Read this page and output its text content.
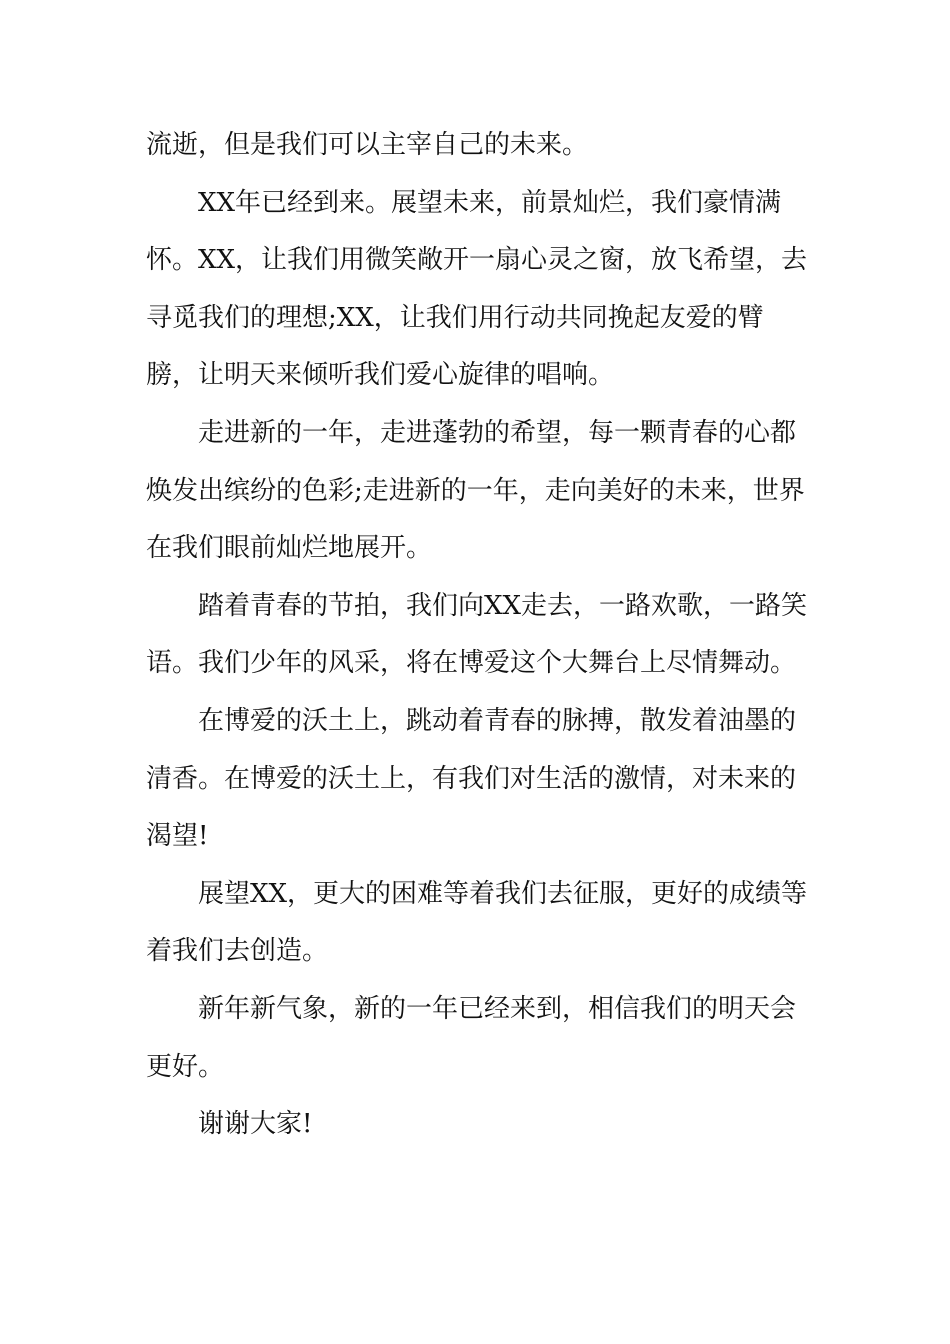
流逝，但是我们可以主宰自己的未来。

XX年已经到来。展望未来，前景灿烂，我们豪情满怀。XX，让我们用微笑敞开一扇心灵之窗，放飞希望，去寻觅我们的理想;XX，让我们用行动共同挽起友爱的臂膀，让明天来倾听我们爱心旋律的唱响。

走进新的一年，走进蓬勃的希望，每一颗青春的心都焕发出缤纷的色彩;走进新的一年，走向美好的未来，世界在我们眼前灿烂地展开。

踏着青春的节拍，我们向XX走去，一路欢歌，一路笑语。我们少年的风采，将在博爱这个大舞台上尽情舞动。

在博爱的沃土上，跳动着青春的脉搏，散发着油墨的清香。在博爱的沃土上，有我们对生活的激情，对未来的渴望!

展望XX，更大的困难等着我们去征服，更好的成绩等着我们去创造。

新年新气象，新的一年已经来到，相信我们的明天会更好。

谢谢大家!
